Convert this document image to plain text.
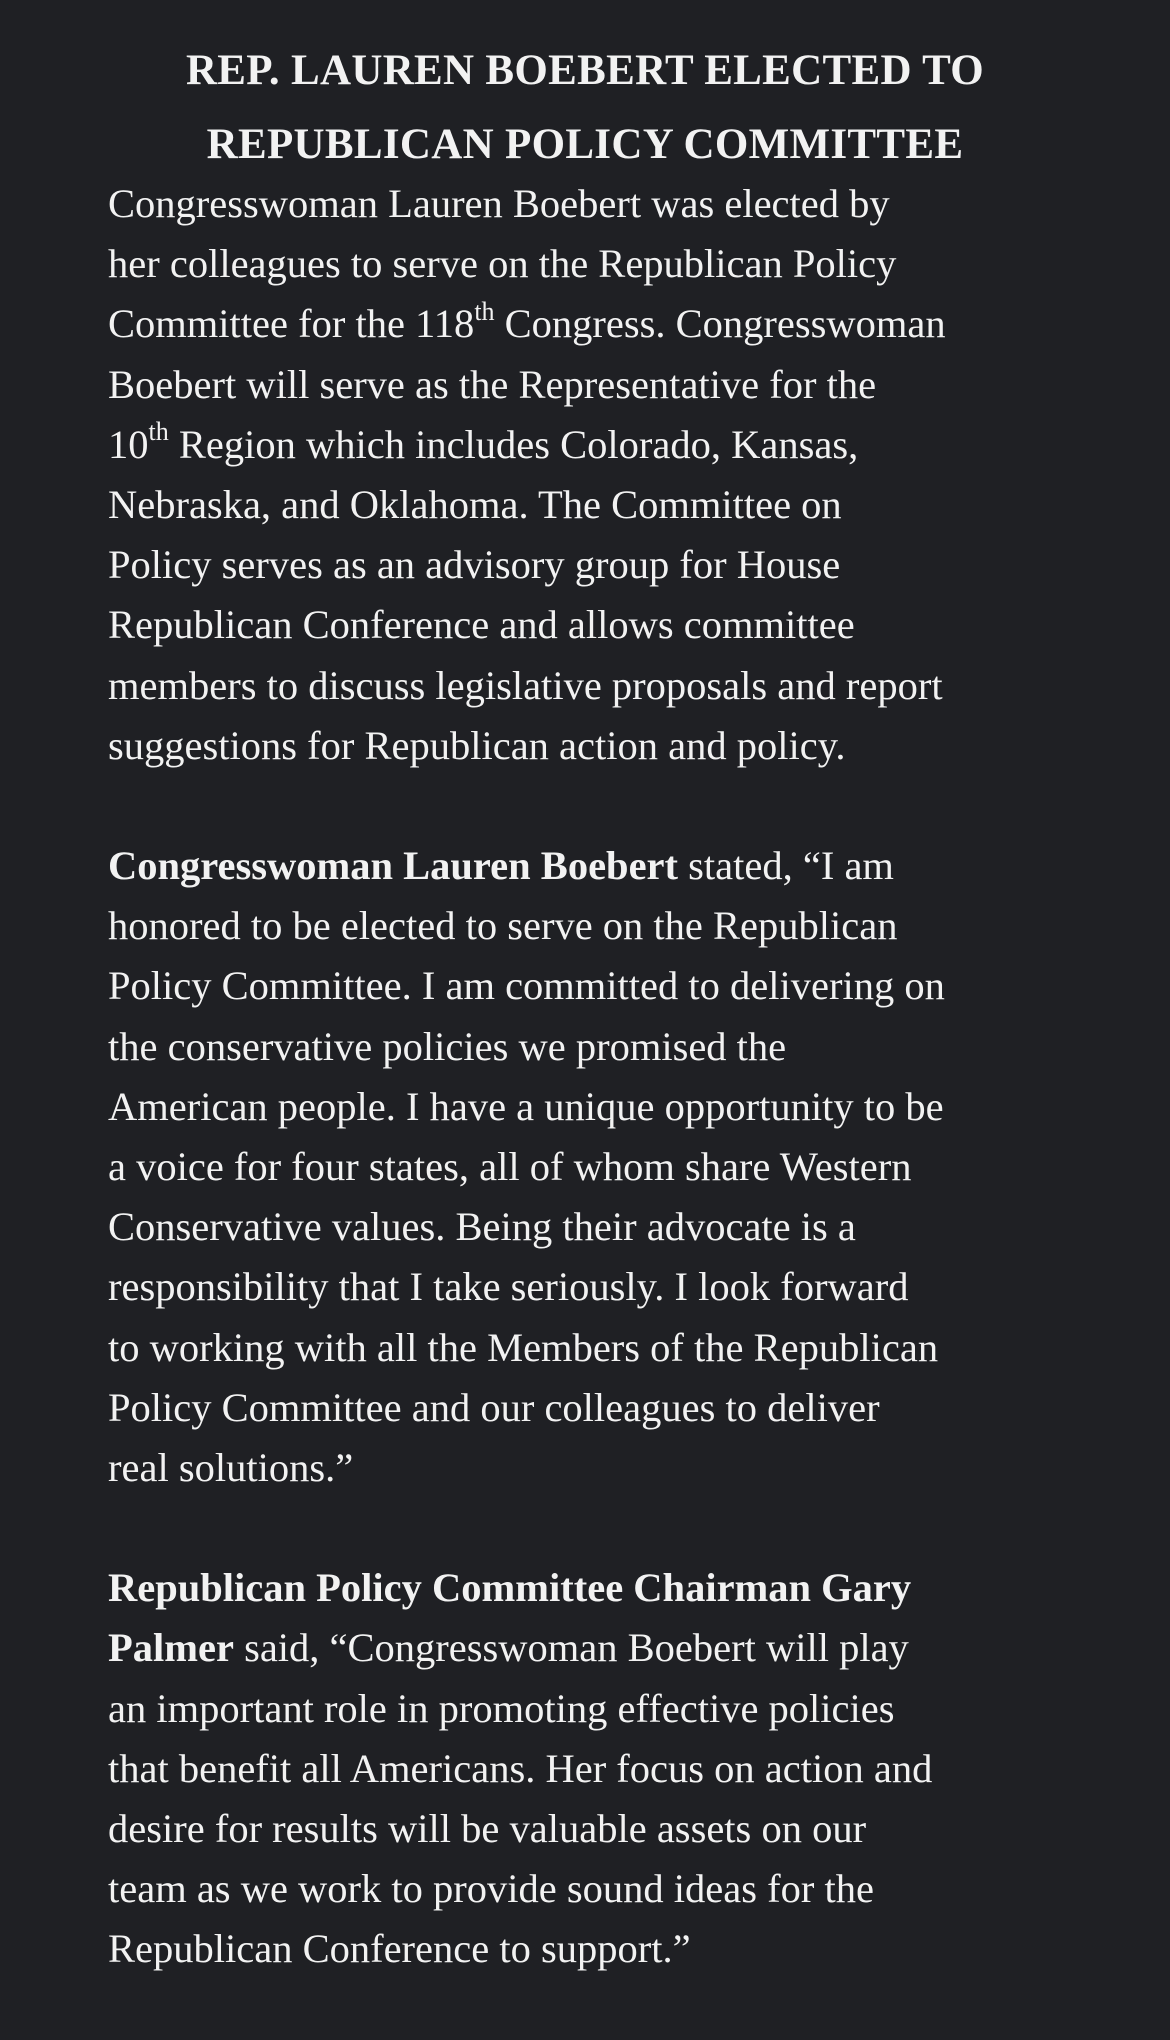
REP. LAUREN BOEBERT ELECTED TO
REPUBLICAN POLICY COMMITTEE

Congresswoman Lauren Boebert was elected by
her colleagues to serve on the Republican Policy
Committee for the 118th Congress. Congresswoman
Boebert will serve as the Representative for the
10th Region which includes Colorado, Kansas,
Nebraska, and Oklahoma. The Committee on
Policy serves as an advisory group for House
Republican Conference and allows committee
members to discuss legislative proposals and report
suggestions for Republican action and policy.

Congresswoman Lauren Boebert stated, “I am
honored to be elected to serve on the Republican
Policy Committee. I am committed to delivering on
the conservative policies we promised the
American people. I have a unique opportunity to be
a voice for four states, all of whom share Western
Conservative values. Being their advocate is a
responsibility that I take seriously. I look forward
to working with all the Members of the Republican
Policy Committee and our colleagues to deliver
real solutions.”

Republican Policy Committee Chairman Gary
Palmer said, “Congresswoman Boebert will play
an important role in promoting effective policies
that benefit all Americans. Her focus on action and
desire for results will be valuable assets on our
team as we work to provide sound ideas for the
Republican Conference to support.”
